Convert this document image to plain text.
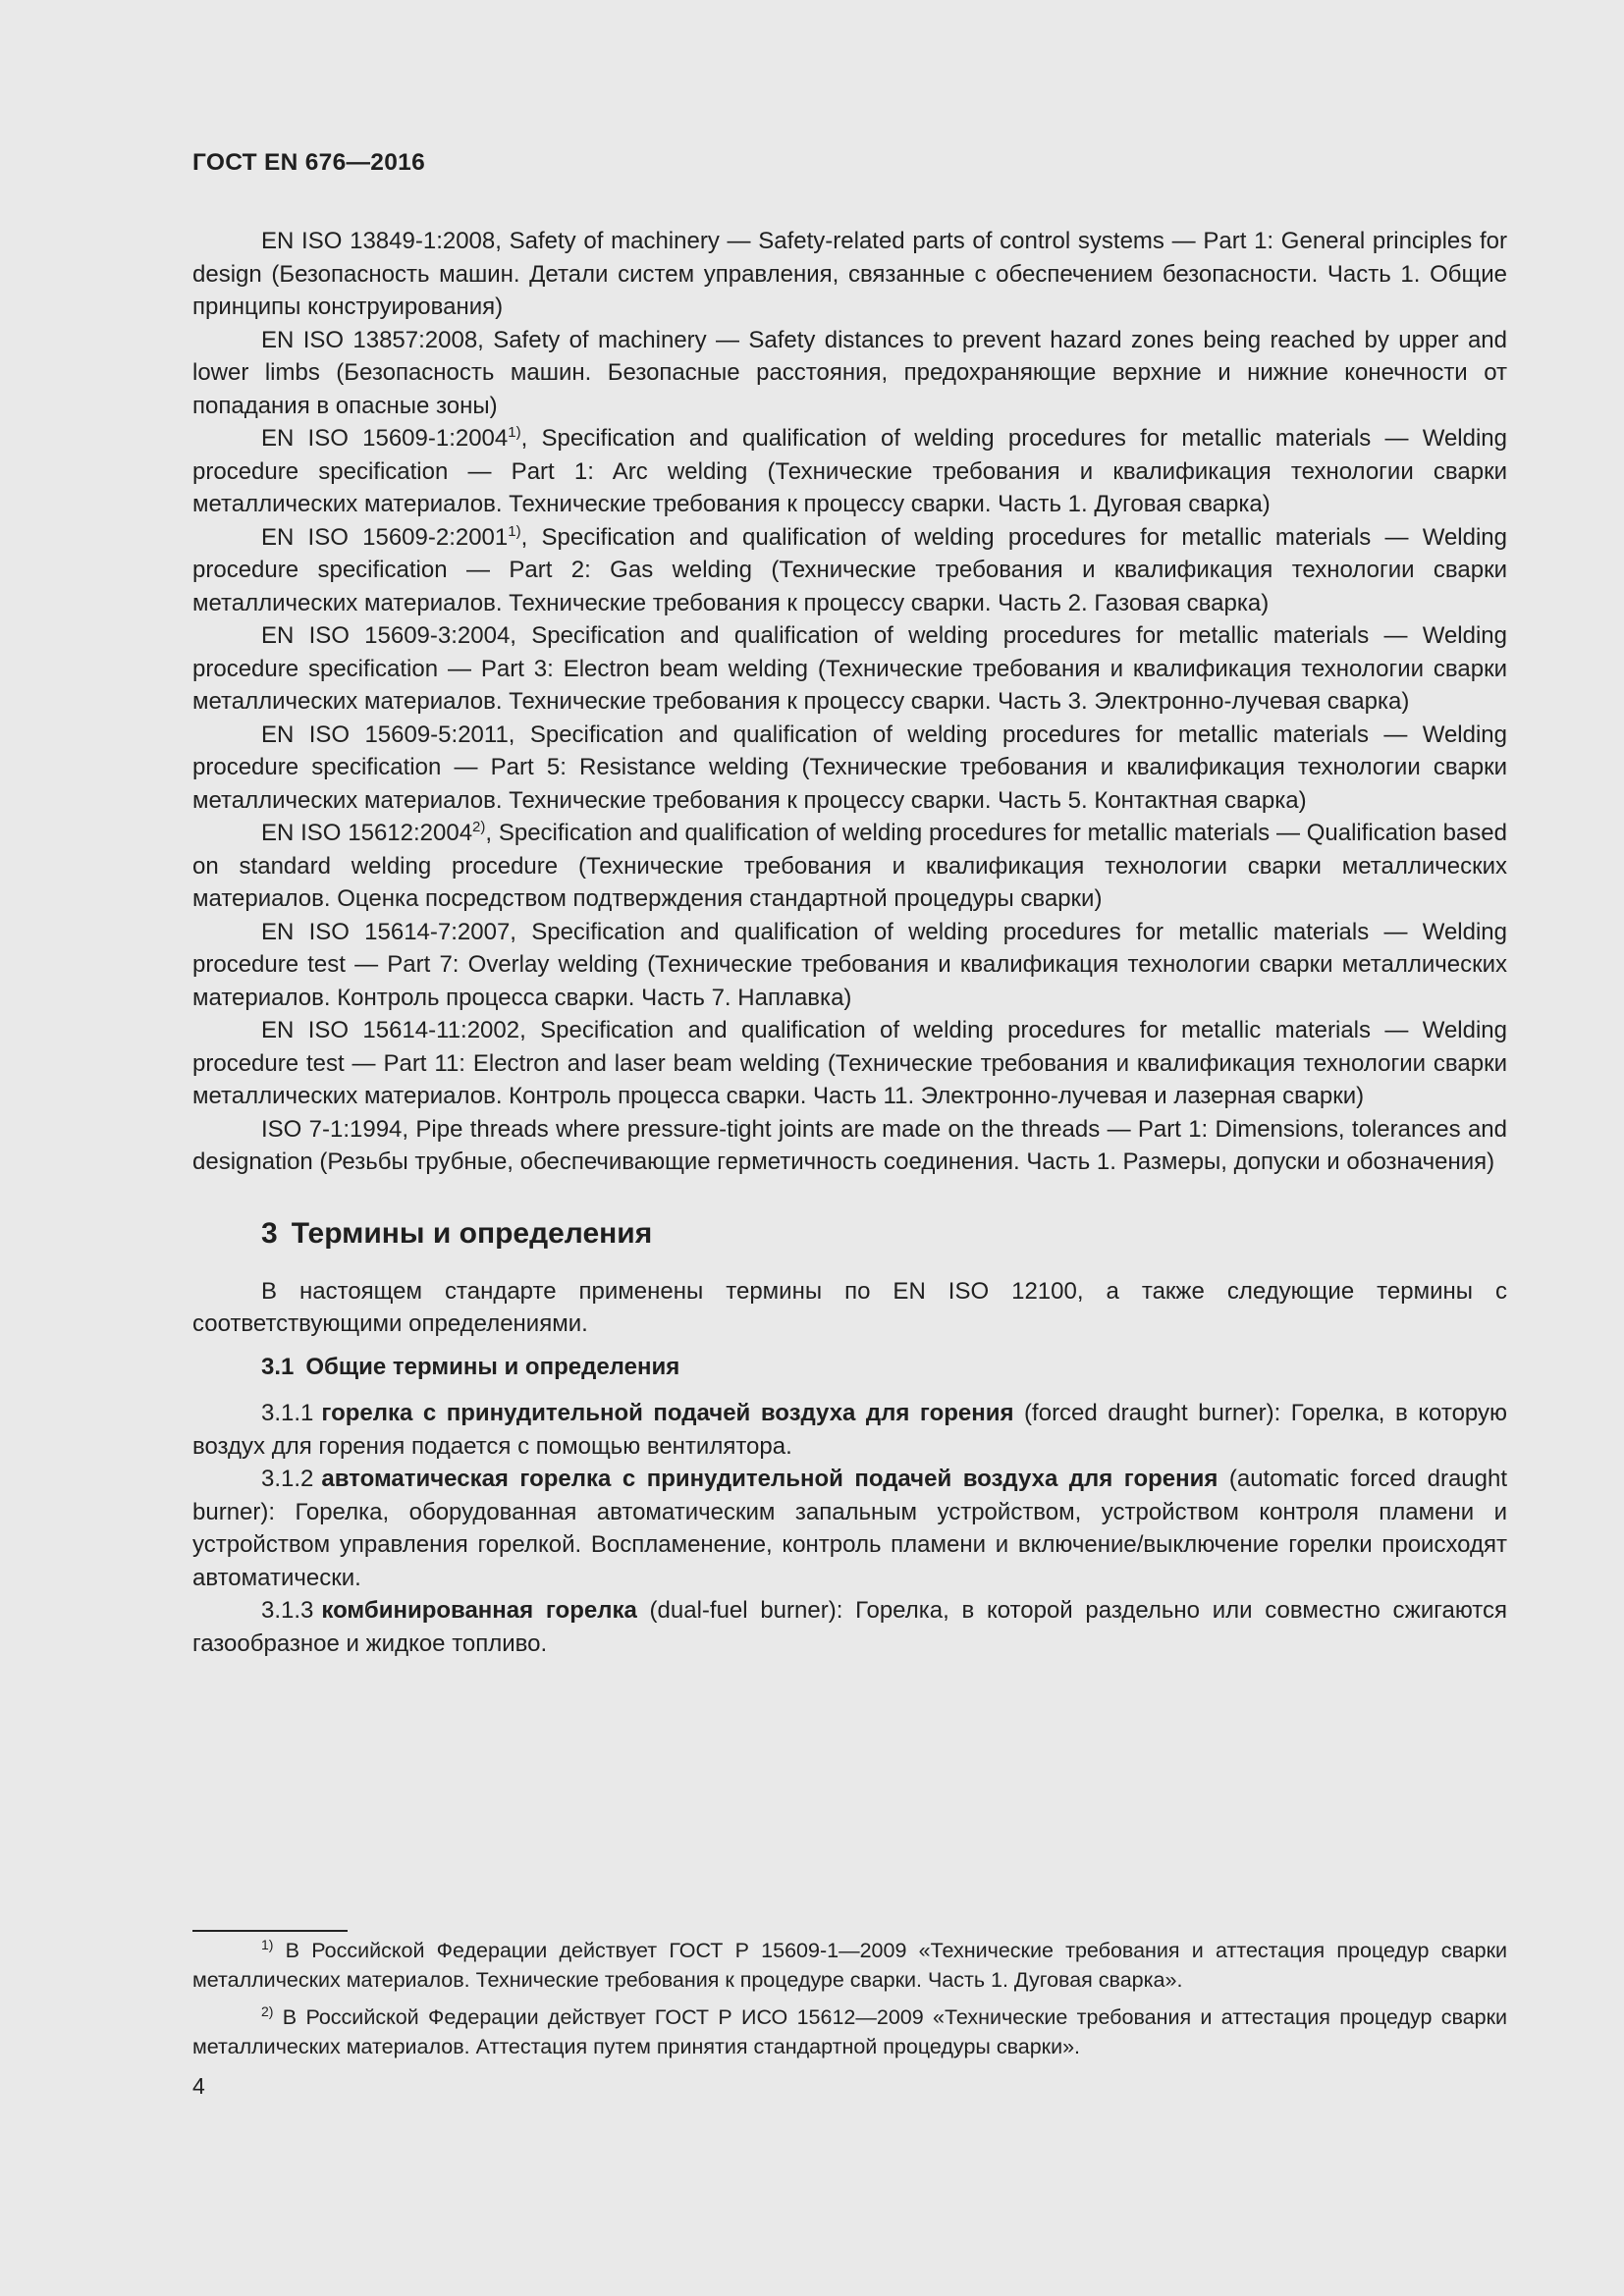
ГОСТ EN 676—2016

EN ISO 13849-1:2008, Safety of machinery — Safety-related parts of control systems — Part 1: General principles for design (Безопасность машин. Детали систем управления, связанные с обеспечением безопасности. Часть 1. Общие принципы конструирования)

EN ISO 13857:2008, Safety of machinery — Safety distances to prevent hazard zones being reached by upper and lower limbs (Безопасность машин. Безопасные расстояния, предохраняющие верхние и нижние конечности от попадания в опасные зоны)

EN ISO 15609-1:2004$^{1)}$, Specification and qualification of welding procedures for metallic materials — Welding procedure specification — Part 1: Arc welding (Технические требования и квалификация технологии сварки металлических материалов. Технические требования к процессу сварки. Часть 1. Дуговая сварка)

EN ISO 15609-2:2001$^{1)}$, Specification and qualification of welding procedures for metallic materials — Welding procedure specification — Part 2: Gas welding (Технические требования и квалификация технологии сварки металлических материалов. Технические требования к процессу сварки. Часть 2. Газовая сварка)

EN ISO 15609-3:2004, Specification and qualification of welding procedures for metallic materials — Welding procedure specification — Part 3: Electron beam welding (Технические требования и квалификация технологии сварки металлических материалов. Технические требования к процессу сварки. Часть 3. Электронно-лучевая сварка)

EN ISO 15609-5:2011, Specification and qualification of welding procedures for metallic materials — Welding procedure specification — Part 5: Resistance welding (Технические требования и квалификация технологии сварки металлических материалов. Технические требования к процессу сварки. Часть 5. Контактная сварка)

EN ISO 15612:2004$^{2)}$, Specification and qualification of welding procedures for metallic materials — Qualification based on standard welding procedure (Технические требования и квалификация технологии сварки металлических материалов. Оценка посредством подтверждения стандартной процедуры сварки)

EN ISO 15614-7:2007, Specification and qualification of welding procedures for metallic materials — Welding procedure test — Part 7: Overlay welding (Технические требования и квалификация технологии сварки металлических материалов. Контроль процесса сварки. Часть 7. Наплавка)

EN ISO 15614-11:2002, Specification and qualification of welding procedures for metallic materials — Welding procedure test — Part 11: Electron and laser beam welding (Технические требования и квалификация технологии сварки металлических материалов. Контроль процесса сварки. Часть 11. Электронно-лучевая и лазерная сварки)

ISO 7-1:1994, Pipe threads where pressure-tight joints are made on the threads — Part 1: Dimensions, tolerances and designation (Резьбы трубные, обеспечивающие герметичность соединения. Часть 1. Размеры, допуски и обозначения)

3 Термины и определения

В настоящем стандарте применены термины по EN ISO 12100, а также следующие термины с соответствующими определениями.

3.1 Общие термины и определения

3.1.1 горелка с принудительной подачей воздуха для горения (forced draught burner): Горелка, в которую воздух для горения подается с помощью вентилятора.

3.1.2 автоматическая горелка с принудительной подачей воздуха для горения (automatic forced draught burner): Горелка, оборудованная автоматическим запальным устройством, устройством контроля пламени и устройством управления горелкой. Воспламенение, контроль пламени и включение/выключение горелки происходят автоматически.

3.1.3 комбинированная горелка (dual-fuel burner): Горелка, в которой раздельно или совместно сжигаются газообразное и жидкое топливо.

$^{1)}$ В Российской Федерации действует ГОСТ Р 15609-1—2009 «Технические требования и аттестация процедур сварки металлических материалов. Технические требования к процедуре сварки. Часть 1. Дуговая сварка».

$^{2)}$ В Российской Федерации действует ГОСТ Р ИСО 15612—2009 «Технические требования и аттестация процедур сварки металлических материалов. Аттестация путем принятия стандартной процедуры сварки».

4
